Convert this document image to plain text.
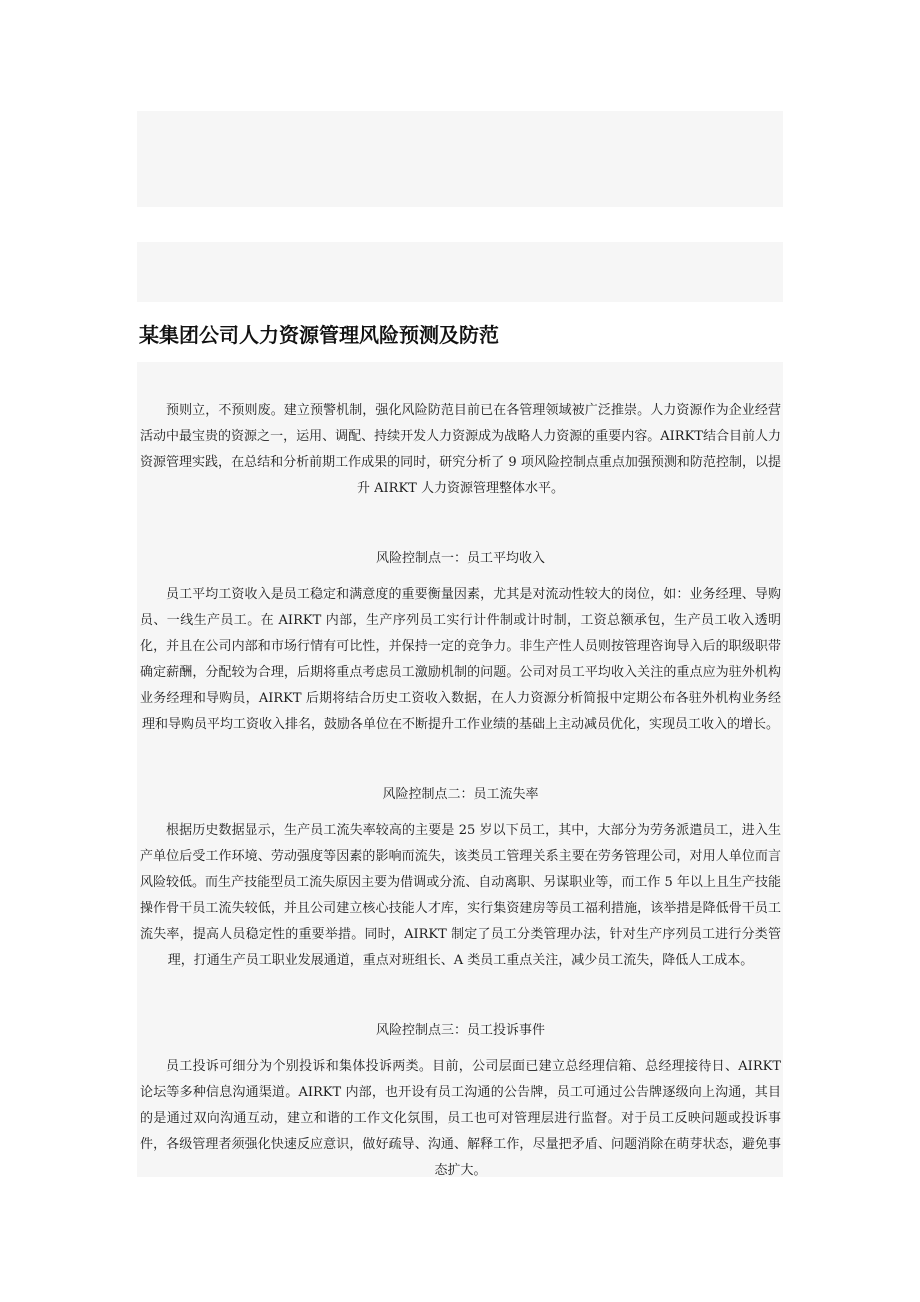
某集团公司人力资源管理风险预测及防范

预则立，不预则废。建立预警机制，强化风险防范目前已在各管理领域被广泛推崇。人力资源作为企业经营活动中最宝贵的资源之一，运用、调配、持续开发人力资源成为战略人力资源的重要内容。AIRKT结合目前人力资源管理实践，在总结和分析前期工作成果的同时，研究分析了 9 项风险控制点重点加强预测和防范控制，以提升 AIRKT 人力资源管理整体水平。

风险控制点一：员工平均收入

员工平均工资收入是员工稳定和满意度的重要衡量因素，尤其是对流动性较大的岗位，如：业务经理、导购员、一线生产员工。在 AIRKT 内部，生产序列员工实行计件制或计时制，工资总额承包，生产员工收入透明化，并且在公司内部和市场行情有可比性，并保持一定的竞争力。非生产性人员则按管理咨询导入后的职级职带确定薪酬，分配较为合理，后期将重点考虑员工激励机制的问题。公司对员工平均收入关注的重点应为驻外机构业务经理和导购员，AIRKT 后期将结合历史工资收入数据，在人力资源分析简报中定期公布各驻外机构业务经理和导购员平均工资收入排名，鼓励各单位在不断提升工作业绩的基础上主动减员优化，实现员工收入的增长。

风险控制点二：员工流失率

根据历史数据显示，生产员工流失率较高的主要是 25 岁以下员工，其中，大部分为劳务派遣员工，进入生产单位后受工作环境、劳动强度等因素的影响而流失，该类员工管理关系主要在劳务管理公司，对用人单位而言风险较低。而生产技能型员工流失原因主要为借调或分流、自动离职、另谋职业等，而工作 5 年以上且生产技能操作骨干员工流失较低，并且公司建立核心技能人才库，实行集资建房等员工福利措施，该举措是降低骨干员工流失率，提高人员稳定性的重要举措。同时，AIRKT 制定了员工分类管理办法，针对生产序列员工进行分类管理，打通生产员工职业发展通道，重点对班组长、A 类员工重点关注，减少员工流失，降低人工成本。

风险控制点三：员工投诉事件

员工投诉可细分为个别投诉和集体投诉两类。目前，公司层面已建立总经理信箱、总经理接待日、AIRKT 论坛等多种信息沟通渠道。AIRKT 内部，也开设有员工沟通的公告牌，员工可通过公告牌逐级向上沟通，其目的是通过双向沟通互动，建立和谐的工作文化氛围，员工也可对管理层进行监督。对于员工反映问题或投诉事件，各级管理者须强化快速反应意识，做好疏导、沟通、解释工作，尽量把矛盾、问题消除在萌芽状态，避免事态扩大。
